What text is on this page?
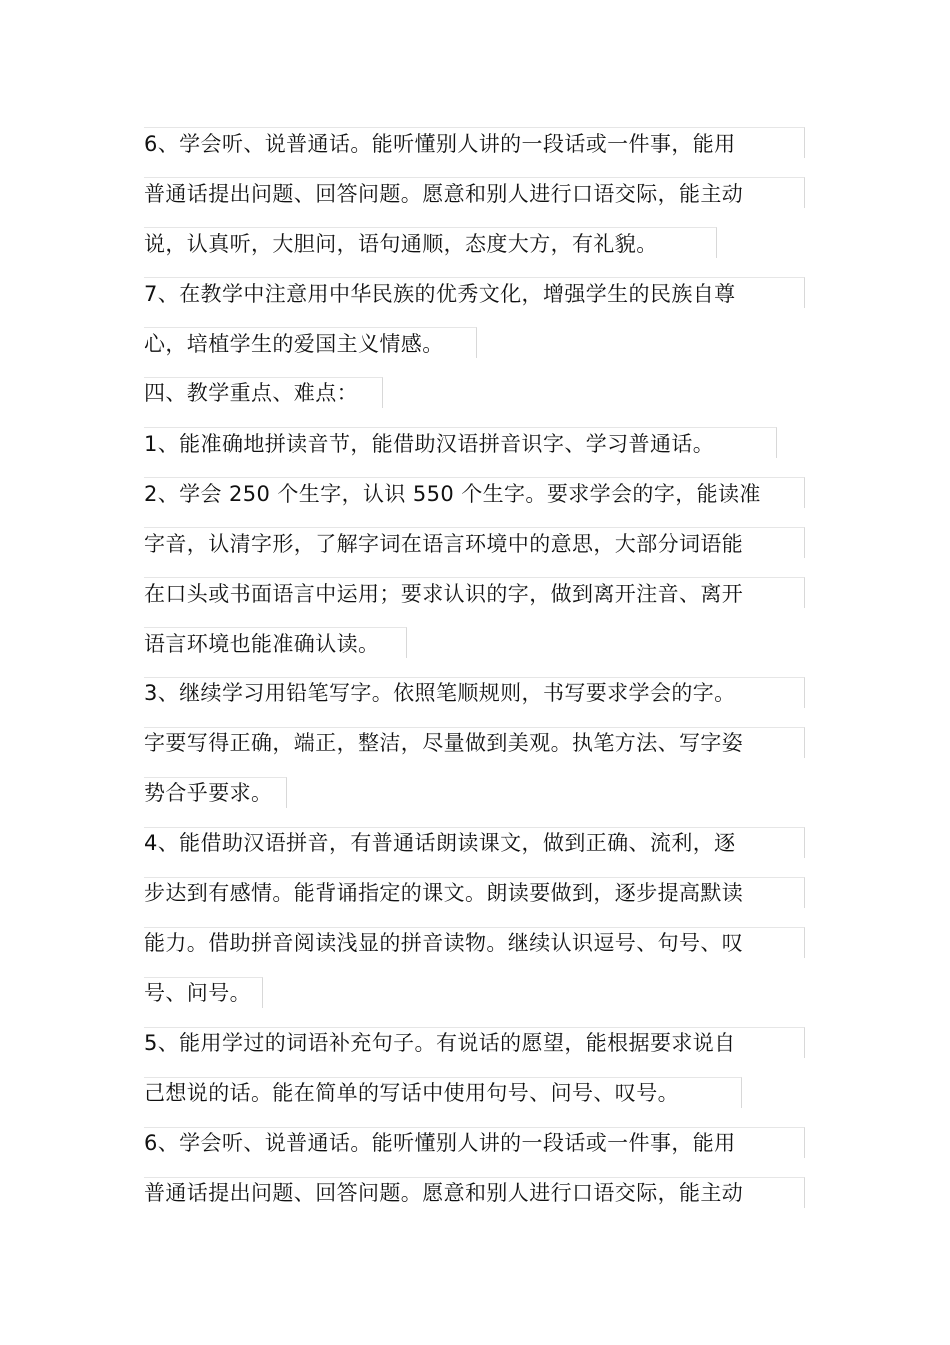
6、学会听、说普通话。能听懂别人讲的一段话或一件事，能用
普通话提出问题、回答问题。愿意和别人进行口语交际，能主动
说，认真听，大胆问，语句通顺，态度大方，有礼貌。
7、在教学中注意用中华民族的优秀文化，增强学生的民族自尊
心，培植学生的爱国主义情感。
四、教学重点、难点：
1、能准确地拼读音节，能借助汉语拼音识字、学习普通话。
2、学会 250 个生字，认识 550 个生字。要求学会的字，能读准
字音，认清字形，了解字词在语言环境中的意思，大部分词语能
在口头或书面语言中运用；要求认识的字，做到离开注音、离开
语言环境也能准确认读。
3、继续学习用铅笔写字。依照笔顺规则，书写要求学会的字。
字要写得正确，端正，整洁，尽量做到美观。执笔方法、写字姿
势合乎要求。
4、能借助汉语拼音，有普通话朗读课文，做到正确、流利，逐
步达到有感情。能背诵指定的课文。朗读要做到，逐步提高默读
能力。借助拼音阅读浅显的拼音读物。继续认识逗号、句号、叹
号、问号。
5、能用学过的词语补充句子。有说话的愿望，能根据要求说自
己想说的话。能在简单的写话中使用句号、问号、叹号。
6、学会听、说普通话。能听懂别人讲的一段话或一件事，能用
普通话提出问题、回答问题。愿意和别人进行口语交际，能主动
